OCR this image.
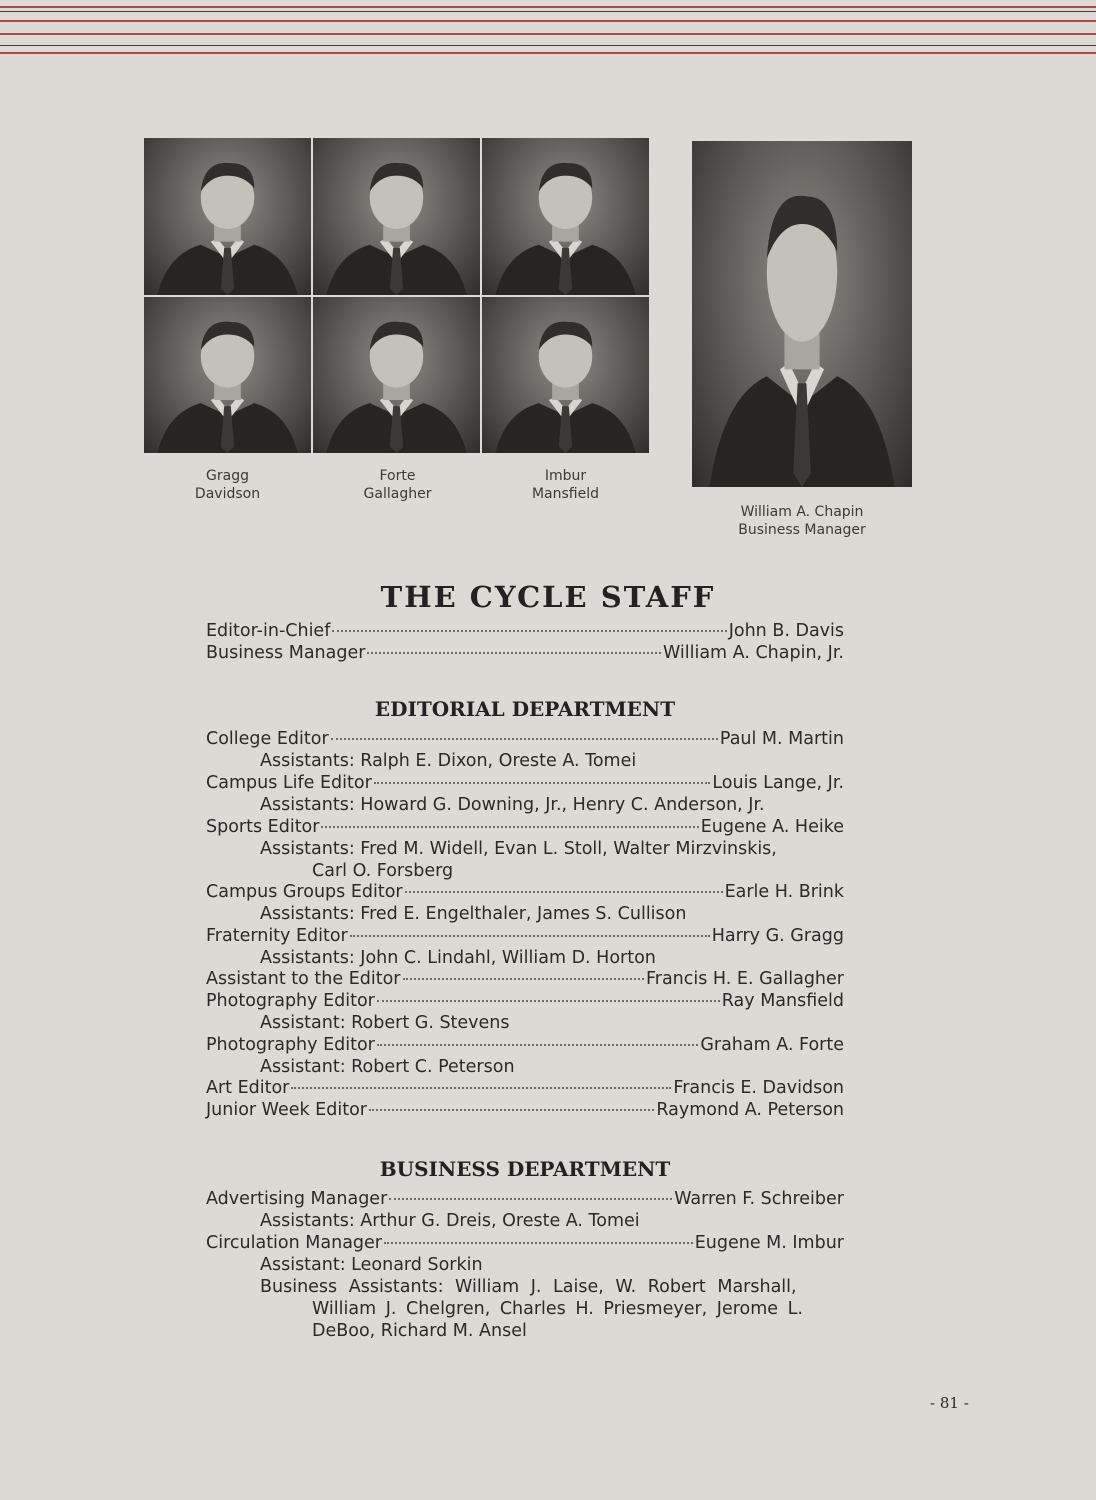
Gragg
Davidson
Forte
Gallagher
Imbur
Mansfield
William A. Chapin
Business Manager
THE CYCLE STAFF
Editor-in-Chief	John B. Davis
Business Manager	William A. Chapin, Jr.
EDITORIAL DEPARTMENT
College Editor	Paul M. Martin
Assistants: Ralph E. Dixon, Oreste A. Tomei
Campus Life Editor	Louis Lange, Jr.
Assistants: Howard G. Downing, Jr., Henry C. Anderson, Jr.
Sports Editor	Eugene A. Heike
Assistants: Fred M. Widell, Evan L. Stoll, Walter Mirzvinskis,
Carl O. Forsberg
Campus Groups Editor	Earle H. Brink
Assistants: Fred E. Engelthaler, James S. Cullison
Fraternity Editor	Harry G. Gragg
Assistants: John C. Lindahl, William D. Horton
Assistant to the Editor	Francis H. E. Gallagher
Photography Editor	Ray Mansfield
Assistant: Robert G. Stevens
Photography Editor	Graham A. Forte
Assistant: Robert C. Peterson
Art Editor	Francis E. Davidson
Junior Week Editor	Raymond A. Peterson
BUSINESS DEPARTMENT
Advertising Manager	Warren F. Schreiber
Assistants: Arthur G. Dreis, Oreste A. Tomei
Circulation Manager	Eugene M. Imbur
Assistant: Leonard Sorkin
Business Assistants: William J. Laise, W. Robert Marshall,
William J. Chelgren, Charles H. Priesmeyer, Jerome L.
DeBoo, Richard M. Ansel
- 81 -
